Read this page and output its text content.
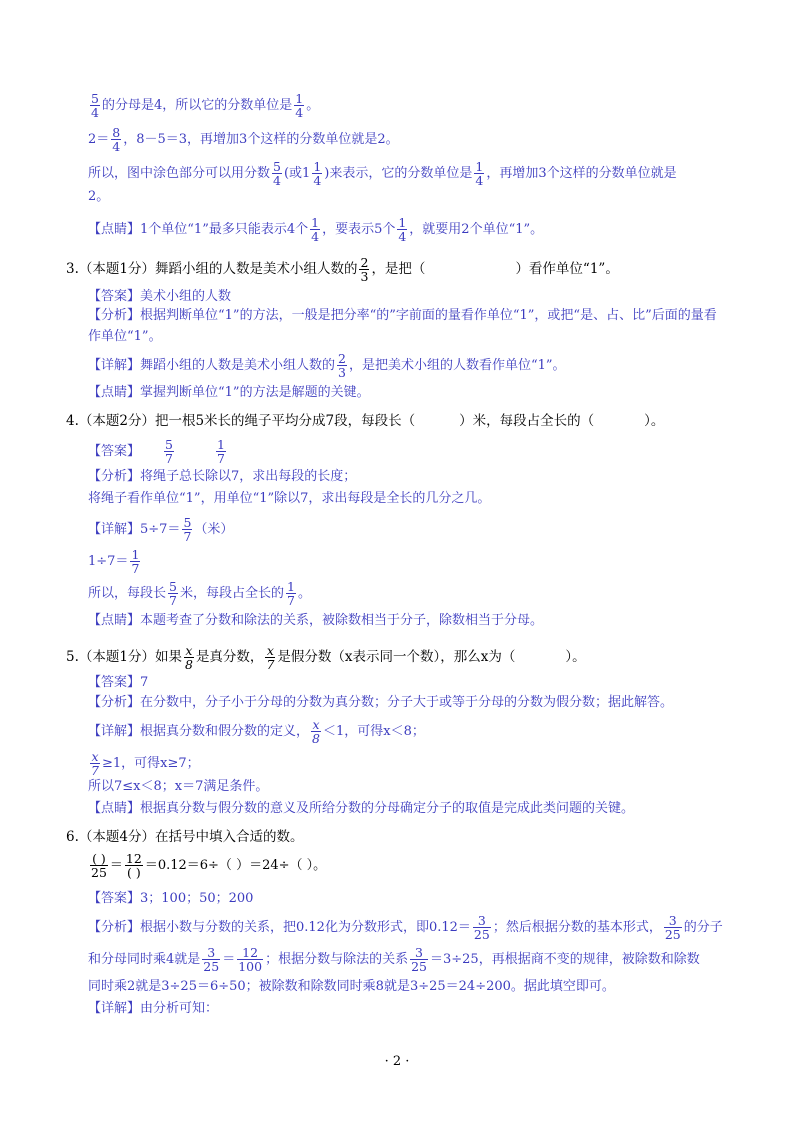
$\frac{5}{4}$ 的分母是4，所以它的分数单位是 $\frac{1}{4}$ 。
$2= \frac{8}{4}$ ，8－5＝3，再增加3个这样的分数单位就是2。
所以，图中涂色部分可以用分数 $\frac{5}{4}$ (或$1 \frac{1}{4}$ )来表示，它的分数单位是 $\frac{1}{4}$ ，再增加3个这样的分数单位就是
2。
【点睛】1个单位“1”最多只能表示4个 $\frac{1}{4}$ ，要表示5个 $\frac{1}{4}$ ，就要用2个单位“1”。
3.（本题1分）舞蹈小组的人数是美术小组人数的 $\frac{2}{3}$ ，是把（	）看作单位“1”。
【答案】美术小组的人数
【分析】根据判断单位“1”的方法，一般是把分率“的”字前面的量看作单位“1”，或把“是、占、比”后面的量看
作单位“1”。
【详解】舞蹈小组的人数是美术小组人数的 $\frac{2}{3}$ ，是把美术小组的人数看作单位“1”。
【点睛】掌握判断单位“1”的方法是解题的关键。
4.（本题2分）把一根5米长的绳子平均分成7段，每段长（	）米，每段占全长的（	）。
【答案】 $\frac{5}{7}$	$\frac{1}{7}$
【分析】将绳子总长除以7，求出每段的长度；
将绳子看作单位“1”，用单位“1”除以7，求出每段是全长的几分之几。
【详解】$5\div 7= \frac{5}{7}$ （米）
$1\div 7= \frac{1}{7}$
所以，每段长 $\frac{5}{7}$ 米，每段占全长的 $\frac{1}{7}$ 。
【点睛】本题考查了分数和除法的关系，被除数相当于分子，除数相当于分母。
5.（本题1分）如果 $\frac{x}{8}$ 是真分数， $\frac{x}{7}$ 是假分数（x表示同一个数），那么x为（	）。
【答案】7
【分析】在分数中，分子小于分母的分数为真分数；分子大于或等于分母的分数为假分数；据此解答。
【详解】根据真分数和假分数的定义， $\frac{x}{8} <1$，可得x＜8；
$\frac{x}{7} \ge 1$，可得x≥7；
所以7≤x＜8；x＝7满足条件。
【点睛】根据真分数与假分数的意义及所给分数的分母确定分子的取值是完成此类问题的关键。
6.（本题4分）在括号中填入合适的数。
$\frac{( )}{25} = \frac{12}{( )} =0.12=6\div$（ ）＝24÷（ ）。
【答案】3；100；50；200
【分析】根据小数与分数的关系，把0.12化为分数形式，即$0.12= \frac{3}{25}$ ；然后根据分数的基本形式， $\frac{3}{25}$ 的分子
和分母同时乘4就是 $\frac{3}{25} = \frac{12}{100}$ ；根据分数与除法的关系 $\frac{3}{25} =3\div 25$，再根据商不变的规律，被除数和除数
同时乘2就是3÷25＝6÷50；被除数和除数同时乘8就是3÷25＝24÷200。据此填空即可。
【详解】由分析可知：
· 2 ·
